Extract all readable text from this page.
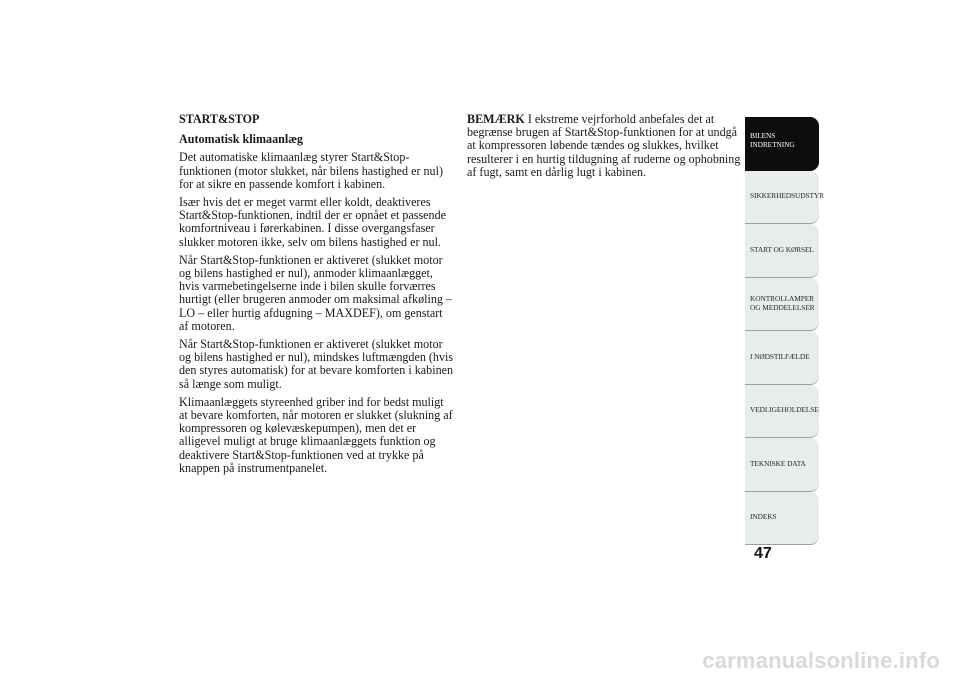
START&STOP
Automatisk klimaanlæg

Det automatiske klimaanlæg styrer Start&Stop-funktionen (motor slukket, når bilens hastighed er nul) for at sikre en passende komfort i kabinen.

Især hvis det er meget varmt eller koldt, deaktiveres Start&Stop-funktionen, indtil der er opnået et passende komfortniveau i førerkabinen. I disse overgangsfaser slukker motoren ikke, selv om bilens hastighed er nul.

Når Start&Stop-funktionen er aktiveret (slukket motor og bilens hastighed er nul), anmoder klimaanlægget, hvis varmebetingelserne inde i bilen skulle forværres hurtigt (eller brugeren anmoder om maksimal afkøling – LO – eller hurtig afdugning – MAXDEF), om genstart af motoren.

Når Start&Stop-funktionen er aktiveret (slukket motor og bilens hastighed er nul), mindskes luftmængden (hvis den styres automatisk) for at bevare komforten i kabinen så længe som muligt.

Klimaanlæggets styreenhed griber ind for bedst muligt at bevare komforten, når motoren er slukket (slukning af kompressoren og kølevæskepumpen), men det er alligevel muligt at bruge klimaanlæggets funktion og deaktivere Start&Stop-funktionen ved at trykke på knappen på instrumentpanelet.

BEMÆRK I ekstreme vejrforhold anbefales det at begrænse brugen af Start&Stop-funktionen for at undgå at kompressoren løbende tændes og slukkes, hvilket resulterer i en hurtig tildugning af ruderne og ophobning af fugt, samt en dårlig lugt i kabinen.

BILENS
INDRETNING
SIKKERHEDSUDSTYR
START OG KØRSEL
KONTROLLAMPER
OG MEDDELELSER
I NØDSTILFÆLDE
VEDLIGEHOLDELSE
TEKNISKE DATA
INDEKS
47
carmanualsonline.info
